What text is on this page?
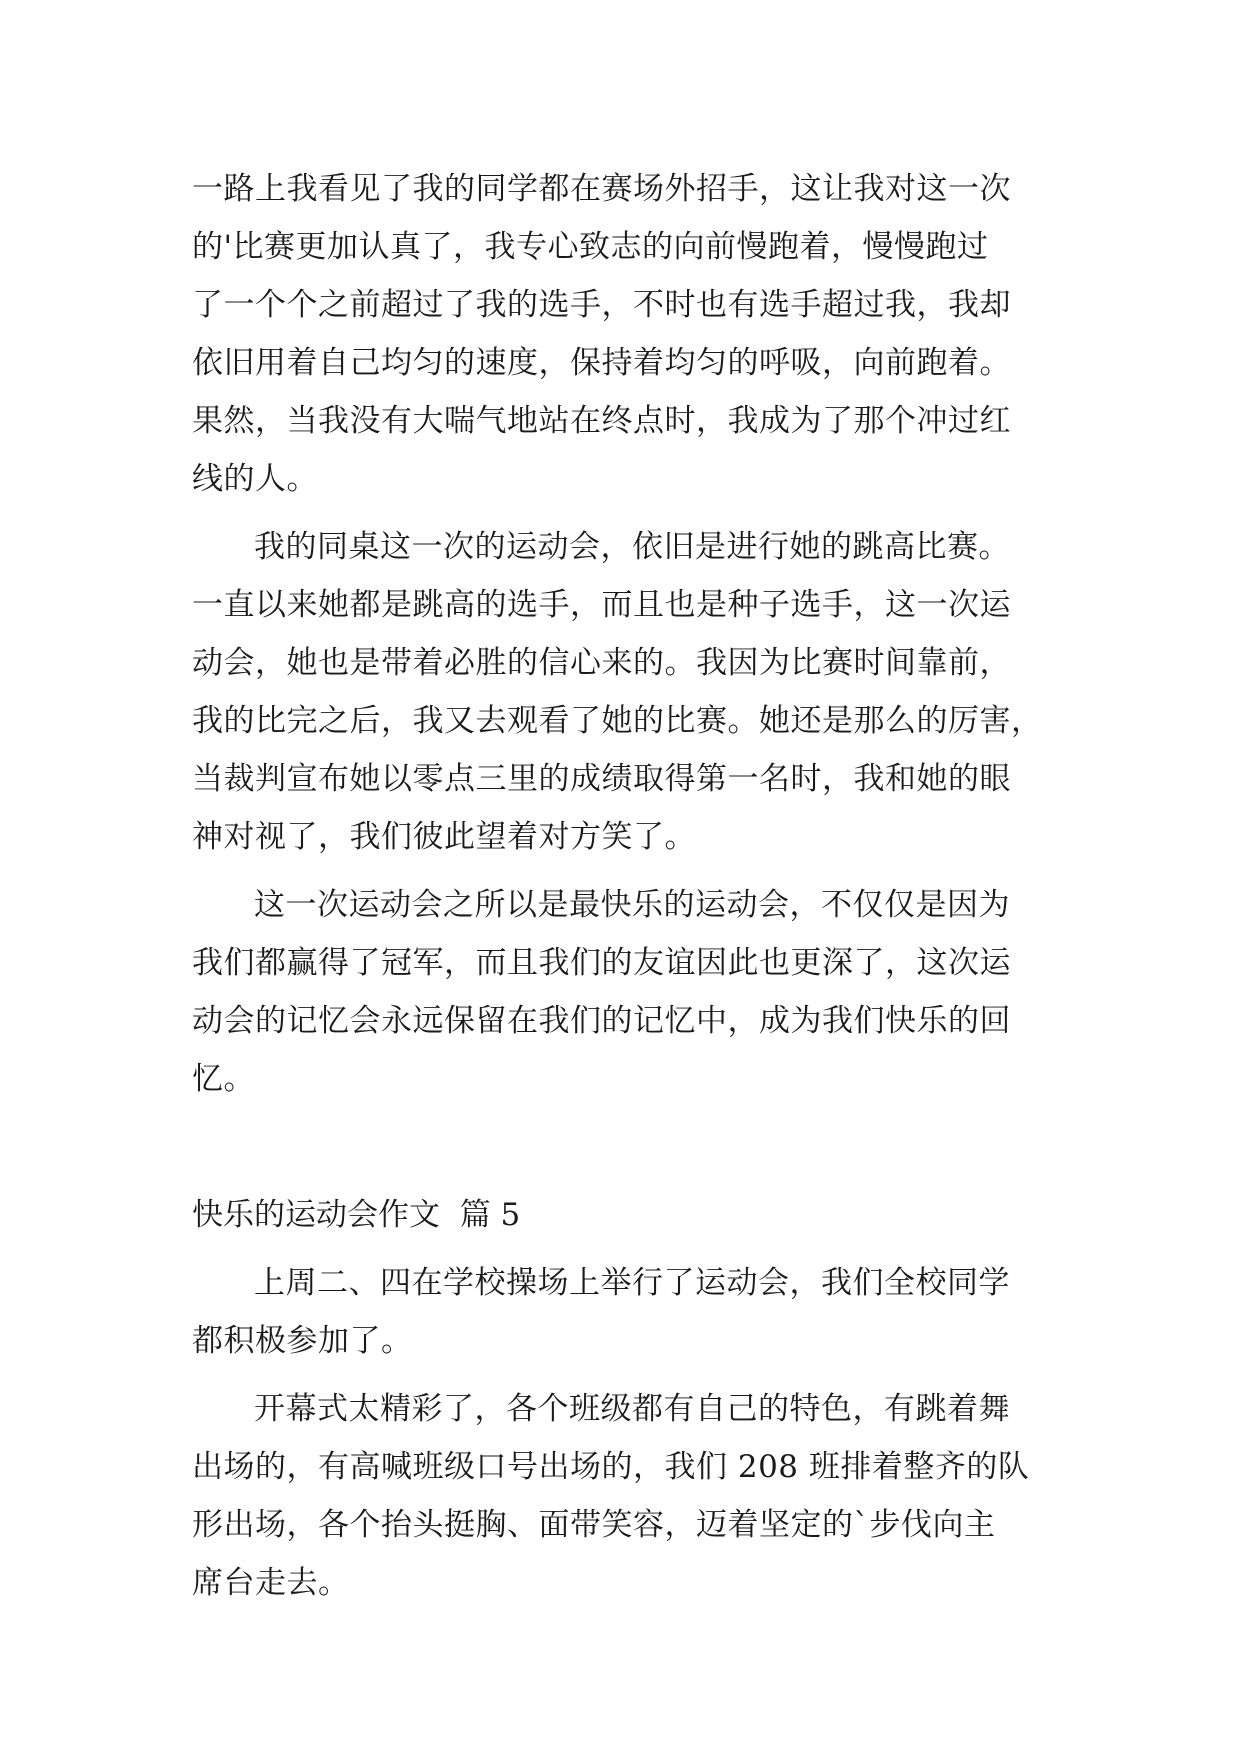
一路上我看见了我的同学都在赛场外招手，这让我对这一次
的'比赛更加认真了，我专心致志的向前慢跑着，慢慢跑过
了一个个之前超过了我的选手，不时也有选手超过我，我却
依旧用着自己均匀的速度，保持着均匀的呼吸，向前跑着。
果然，当我没有大喘气地站在终点时，我成为了那个冲过红
线的人。
我的同桌这一次的运动会，依旧是进行她的跳高比赛。
一直以来她都是跳高的选手，而且也是种子选手，这一次运
动会，她也是带着必胜的信心来的。我因为比赛时间靠前，
我的比完之后，我又去观看了她的比赛。她还是那么的厉害，
当裁判宣布她以零点三里的成绩取得第一名时，我和她的眼
神对视了，我们彼此望着对方笑了。
这一次运动会之所以是最快乐的运动会，不仅仅是因为
我们都赢得了冠军，而且我们的友谊因此也更深了，这次运
动会的记忆会永远保留在我们的记忆中，成为我们快乐的回
忆。
快乐的运动会作文  篇 5
上周二、四在学校操场上举行了运动会，我们全校同学
都积极参加了。
开幕式太精彩了，各个班级都有自己的特色，有跳着舞
出场的，有高喊班级口号出场的，我们 208 班排着整齐的队
形出场，各个抬头挺胸、面带笑容，迈着坚定的`步伐向主
席台走去。
